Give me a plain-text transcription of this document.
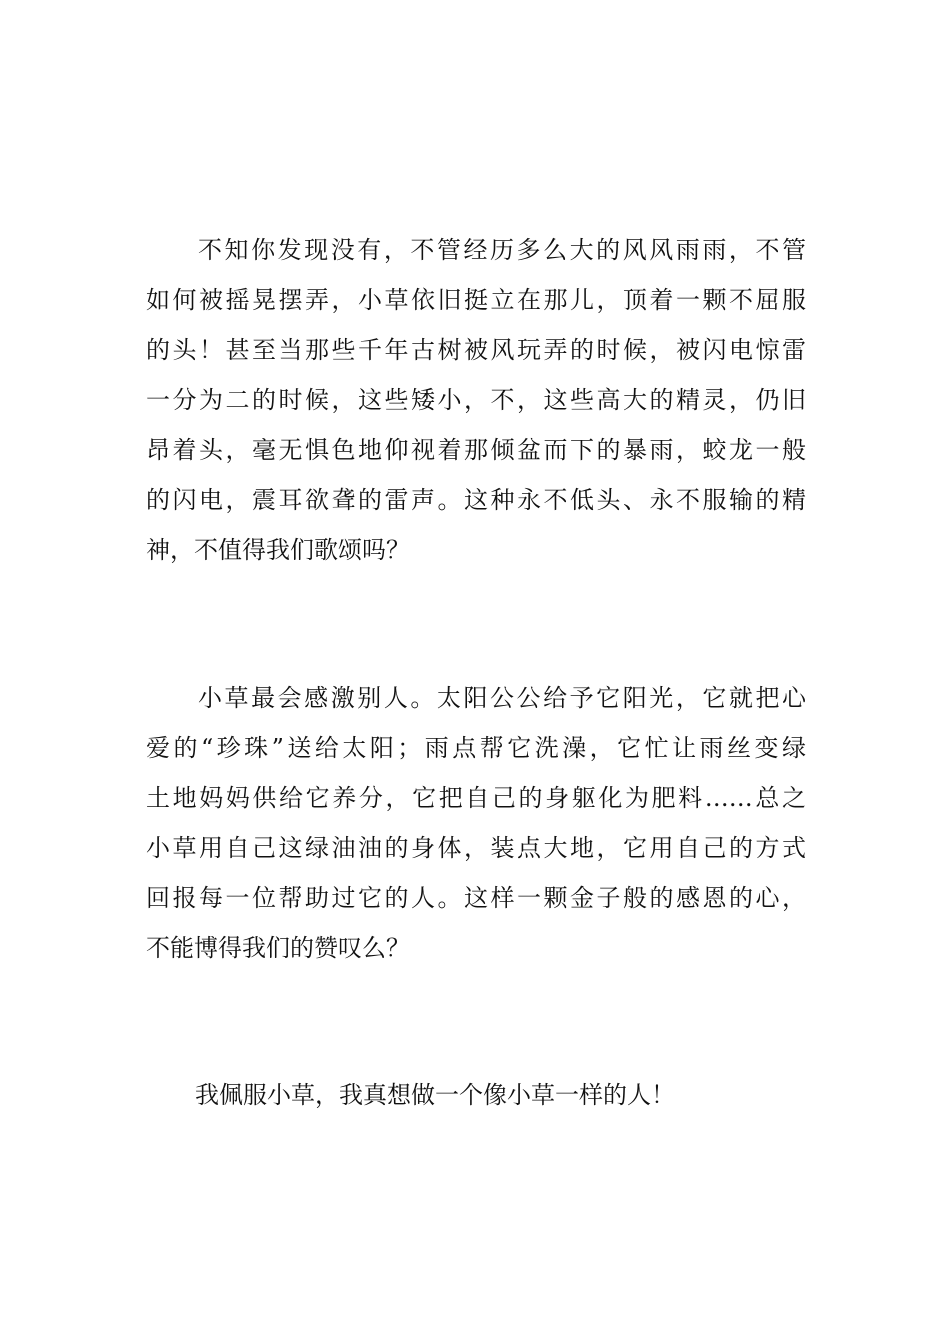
不知你发现没有，不管经历多么大的风风雨雨，不管
如何被摇晃摆弄，小草依旧挺立在那儿，顶着一颗不屈服
的头！甚至当那些千年古树被风玩弄的时候，被闪电惊雷
一分为二的时候，这些矮小，不，这些高大的精灵，仍旧
昂着头，毫无惧色地仰视着那倾盆而下的暴雨，蛟龙一般
的闪电，震耳欲聋的雷声。这种永不低头、永不服输的精
神，不值得我们歌颂吗？
小草最会感激别人。太阳公公给予它阳光，它就把心
爱的“珍珠”送给太阳；雨点帮它洗澡，它忙让雨丝变绿
土地妈妈供给它养分，它把自己的身躯化为肥料……总之
小草用自己这绿油油的身体，装点大地，它用自己的方式
回报每一位帮助过它的人。这样一颗金子般的感恩的心，
不能博得我们的赞叹么？
我佩服小草，我真想做一个像小草一样的人！
